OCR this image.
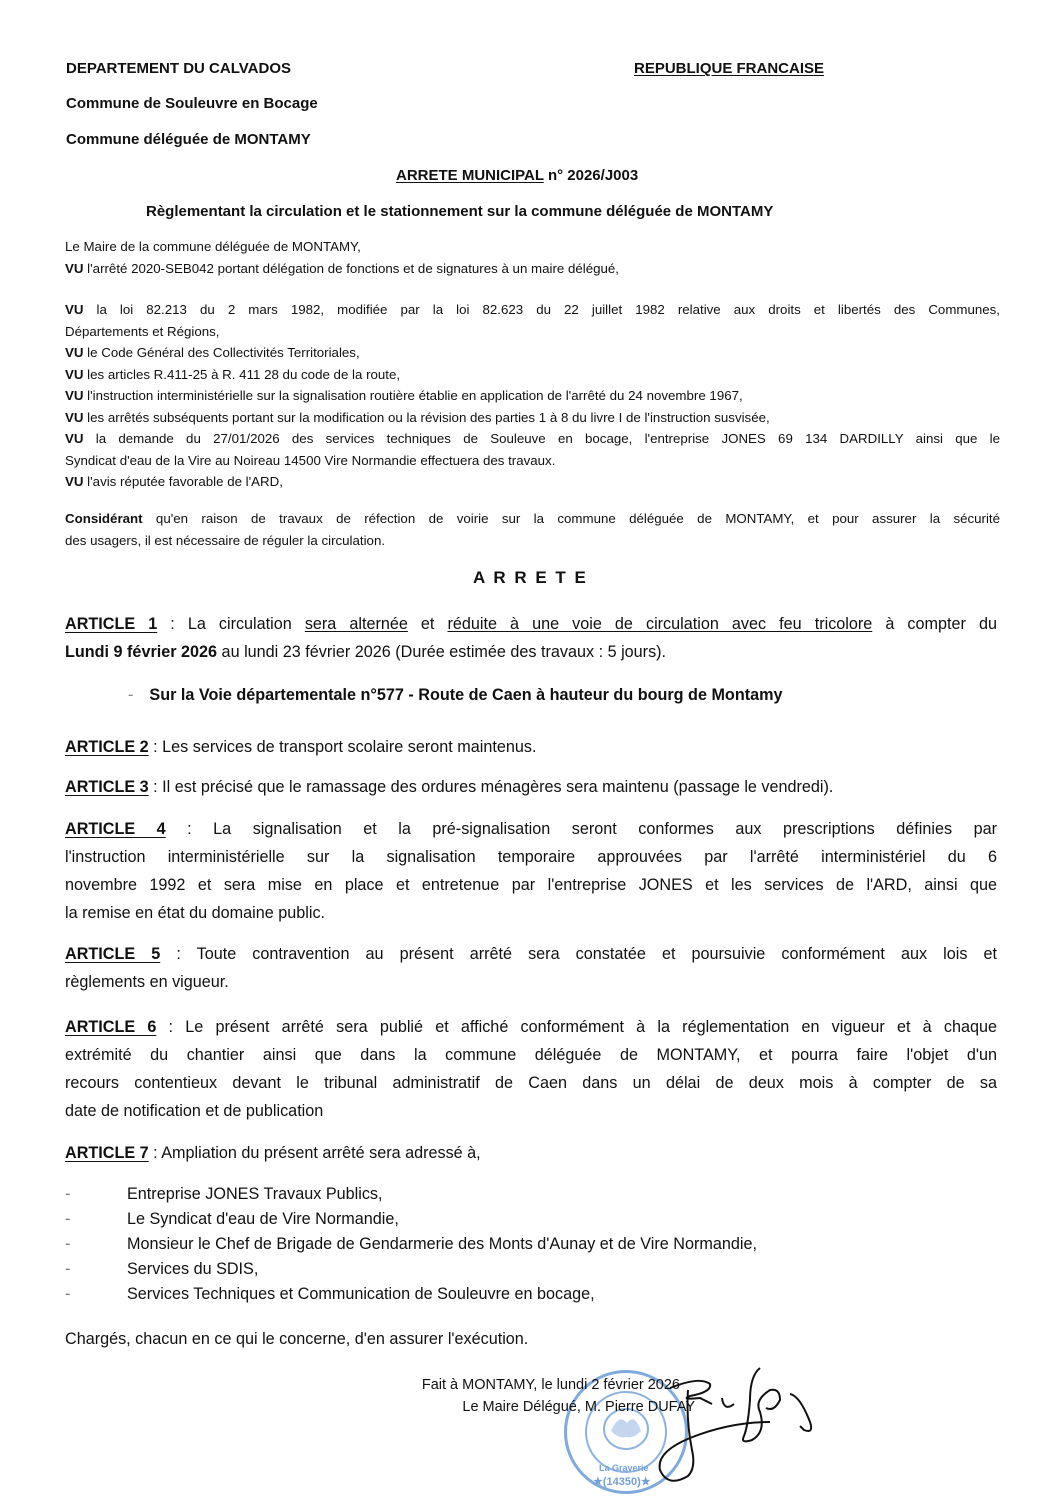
DEPARTEMENT DU CALVADOS	REPUBLIQUE FRANCAISE
Commune de Souleuvre en Bocage
Commune déléguée de MONTAMY
ARRETE MUNICIPAL n° 2026/J003
Règlementant la circulation et le stationnement sur la commune déléguée de MONTAMY

Le Maire de la commune déléguée de MONTAMY,

VU l'arrêté 2020-SEB042 portant délégation de fonctions et de signatures à un maire délégué,

VU la loi 82.213 du 2 mars 1982, modifiée par la loi 82.623 du 22 juillet 1982 relative aux droits et libertés des Communes,

Départements et Régions,

VU le Code Général des Collectivités Territoriales,

VU les articles R.411-25 à R. 411 28 du code de la route,

VU l'instruction interministérielle sur la signalisation routière établie en application de l'arrêté du 24 novembre 1967,

VU les arrêtés subséquents portant sur la modification ou la révision des parties 1 à 8 du livre I de l'instruction susvisée,

VU la demande du 27/01/2026 des services techniques de Souleuve en bocage, l'entreprise JONES 69 134 DARDILLY ainsi que le

Syndicat d'eau de la Vire au Noireau 14500 Vire Normandie effectuera des travaux.

VU l'avis réputée favorable de l'ARD,

Considérant qu'en raison de travaux de réfection de voirie sur la commune déléguée de MONTAMY, et pour assurer la sécurité

des usagers, il est nécessaire de réguler la circulation.

A R R E T E

ARTICLE 1 : La circulation sera alternée et réduite à une voie de circulation avec feu tricolore à compter du

Lundi 9 février 2026 au lundi 23 février 2026 (Durée estimée des travaux : 5 jours).

- Sur la Voie départementale n°577 - Route de Caen à hauteur du bourg de Montamy

ARTICLE 2 : Les services de transport scolaire seront maintenus.

ARTICLE 3 : Il est précisé que le ramassage des ordures ménagères sera maintenu (passage le vendredi).

ARTICLE 4 : La signalisation et la pré-signalisation seront conformes aux prescriptions définies par

l'instruction interministérielle sur la signalisation temporaire approuvées par l'arrêté interministériel du 6

novembre 1992 et sera mise en place et entretenue par l'entreprise JONES et les services de l'ARD, ainsi que

la remise en état du domaine public.

ARTICLE 5 : Toute contravention au présent arrêté sera constatée et poursuivie conformément aux lois et

règlements en vigueur.

ARTICLE 6 : Le présent arrêté sera publié et affiché conformément à la réglementation en vigueur et à chaque

extrémité du chantier ainsi que dans la commune déléguée de MONTAMY, et pourra faire l'objet d'un

recours contentieux devant le tribunal administratif de Caen dans un délai de deux mois à compter de sa

date de notification et de publication

ARTICLE 7 : Ampliation du présent arrêté sera adressé à,

-	Entreprise JONES Travaux Publics,
-	Le Syndicat d'eau de Vire Normandie,
-	Monsieur le Chef de Brigade de Gendarmerie des Monts d'Aunay et de Vire Normandie,
-	Services du SDIS,
-	Services Techniques et Communication de Souleuvre en bocage,
Chargés, chacun en ce qui le concerne, d'en assurer l'exécution.
La Graverie
★(14350)★
Fait à MONTAMY, le lundi 2 février 2026
Le Maire Délégué, M. Pierre DUFAY
